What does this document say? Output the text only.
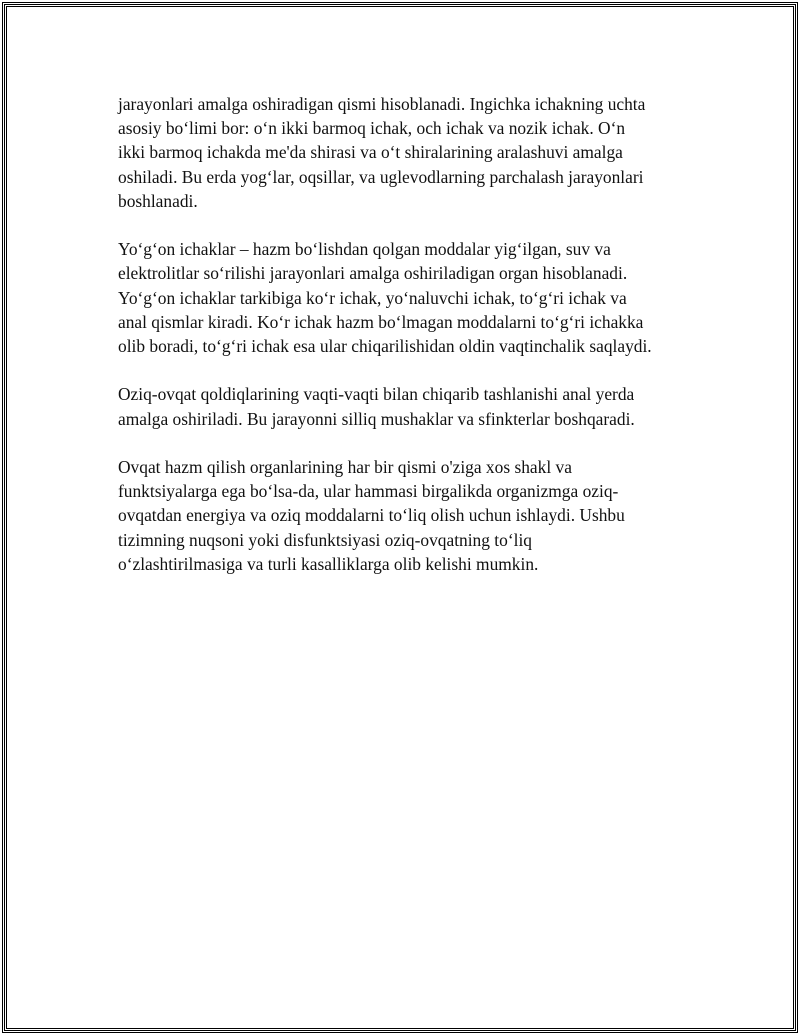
jarayonlari amalga oshiradigan qismi hisoblanadi. Ingichka ichakning uchta
asosiy bo‘limi bor: o‘n ikki barmoq ichak, och ichak va nozik ichak. O‘n
ikki barmoq ichakda me'da shirasi va o‘t shiralarining aralashuvi amalga
oshiladi. Bu erda yog‘lar, oqsillar, va uglevodlarning parchalash jarayonlari
boshlanadi.

Yo‘g‘on ichaklar – hazm bo‘lishdan qolgan moddalar yig‘ilgan, suv va
elektrolitlar so‘rilishi jarayonlari amalga oshiriladigan organ hisoblanadi.
Yo‘g‘on ichaklar tarkibiga ko‘r ichak, yo‘naluvchi ichak, to‘g‘ri ichak va
anal qismlar kiradi. Ko‘r ichak hazm bo‘lmagan moddalarni to‘g‘ri ichakka
olib boradi, to‘g‘ri ichak esa ular chiqarilishidan oldin vaqtinchalik saqlaydi.

Oziq-ovqat qoldiqlarining vaqti-vaqti bilan chiqarib tashlanishi anal yerda
amalga oshiriladi. Bu jarayonni silliq mushaklar va sfinkterlar boshqaradi.

Ovqat hazm qilish organlarining har bir qismi o'ziga xos shakl va
funktsiyalarga ega bo‘lsa-da, ular hammasi birgalikda organizmga oziq-
ovqatdan energiya va oziq moddalarni to‘liq olish uchun ishlaydi. Ushbu
tizimning nuqsoni yoki disfunktsiyasi oziq-ovqatning to‘liq
o‘zlashtirilmasiga va turli kasalliklarga olib kelishi mumkin.
